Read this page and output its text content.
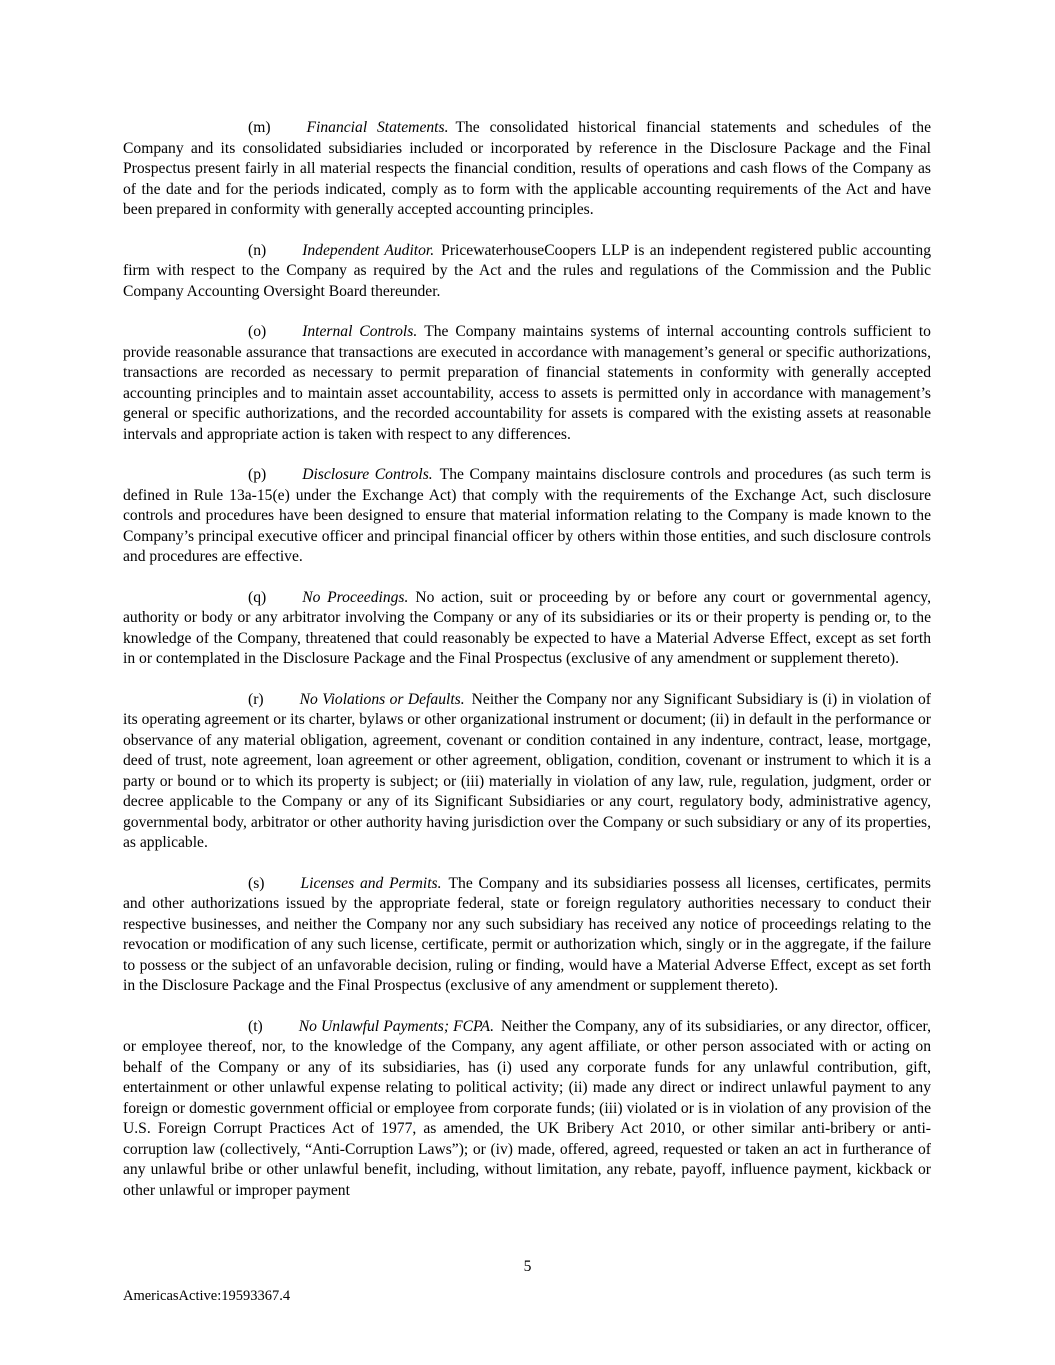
(m) Financial Statements. The consolidated historical financial statements and schedules of the Company and its consolidated subsidiaries included or incorporated by reference in the Disclosure Package and the Final Prospectus present fairly in all material respects the financial condition, results of operations and cash flows of the Company as of the date and for the periods indicated, comply as to form with the applicable accounting requirements of the Act and have been prepared in conformity with generally accepted accounting principles.

(n) Independent Auditor. PricewaterhouseCoopers LLP is an independent registered public accounting firm with respect to the Company as required by the Act and the rules and regulations of the Commission and the Public Company Accounting Oversight Board thereunder.

(o) Internal Controls. The Company maintains systems of internal accounting controls sufficient to provide reasonable assurance that transactions are executed in accordance with management’s general or specific authorizations, transactions are recorded as necessary to permit preparation of financial statements in conformity with generally accepted accounting principles and to maintain asset accountability, access to assets is permitted only in accordance with management’s general or specific authorizations, and the recorded accountability for assets is compared with the existing assets at reasonable intervals and appropriate action is taken with respect to any differences.

(p) Disclosure Controls. The Company maintains disclosure controls and procedures (as such term is defined in Rule 13a-15(e) under the Exchange Act) that comply with the requirements of the Exchange Act, such disclosure controls and procedures have been designed to ensure that material information relating to the Company is made known to the Company’s principal executive officer and principal financial officer by others within those entities, and such disclosure controls and procedures are effective.

(q) No Proceedings. No action, suit or proceeding by or before any court or governmental agency, authority or body or any arbitrator involving the Company or any of its subsidiaries or its or their property is pending or, to the knowledge of the Company, threatened that could reasonably be expected to have a Material Adverse Effect, except as set forth in or contemplated in the Disclosure Package and the Final Prospectus (exclusive of any amendment or supplement thereto).

(r) No Violations or Defaults. Neither the Company nor any Significant Subsidiary is (i) in violation of its operating agreement or its charter, bylaws or other organizational instrument or document; (ii) in default in the performance or observance of any material obligation, agreement, covenant or condition contained in any indenture, contract, lease, mortgage, deed of trust, note agreement, loan agreement or other agreement, obligation, condition, covenant or instrument to which it is a party or bound or to which its property is subject; or (iii) materially in violation of any law, rule, regulation, judgment, order or decree applicable to the Company or any of its Significant Subsidiaries or any court, regulatory body, administrative agency, governmental body, arbitrator or other authority having jurisdiction over the Company or such subsidiary or any of its properties, as applicable.

(s) Licenses and Permits. The Company and its subsidiaries possess all licenses, certificates, permits and other authorizations issued by the appropriate federal, state or foreign regulatory authorities necessary to conduct their respective businesses, and neither the Company nor any such subsidiary has received any notice of proceedings relating to the revocation or modification of any such license, certificate, permit or authorization which, singly or in the aggregate, if the failure to possess or the subject of an unfavorable decision, ruling or finding, would have a Material Adverse Effect, except as set forth in the Disclosure Package and the Final Prospectus (exclusive of any amendment or supplement thereto).

(t) No Unlawful Payments; FCPA. Neither the Company, any of its subsidiaries, or any director, officer, or employee thereof, nor, to the knowledge of the Company, any agent affiliate, or other person associated with or acting on behalf of the Company or any of its subsidiaries, has (i) used any corporate funds for any unlawful contribution, gift, entertainment or other unlawful expense relating to political activity; (ii) made any direct or indirect unlawful payment to any foreign or domestic government official or employee from corporate funds; (iii) violated or is in violation of any provision of the U.S. Foreign Corrupt Practices Act of 1977, as amended, the UK Bribery Act 2010, or other similar anti-bribery or anti-corruption law (collectively, “Anti-Corruption Laws”); or (iv) made, offered, agreed, requested or taken an act in furtherance of any unlawful bribe or other unlawful benefit, including, without limitation, any rebate, payoff, influence payment, kickback or other unlawful or improper payment

5
AmericasActive:19593367.4
